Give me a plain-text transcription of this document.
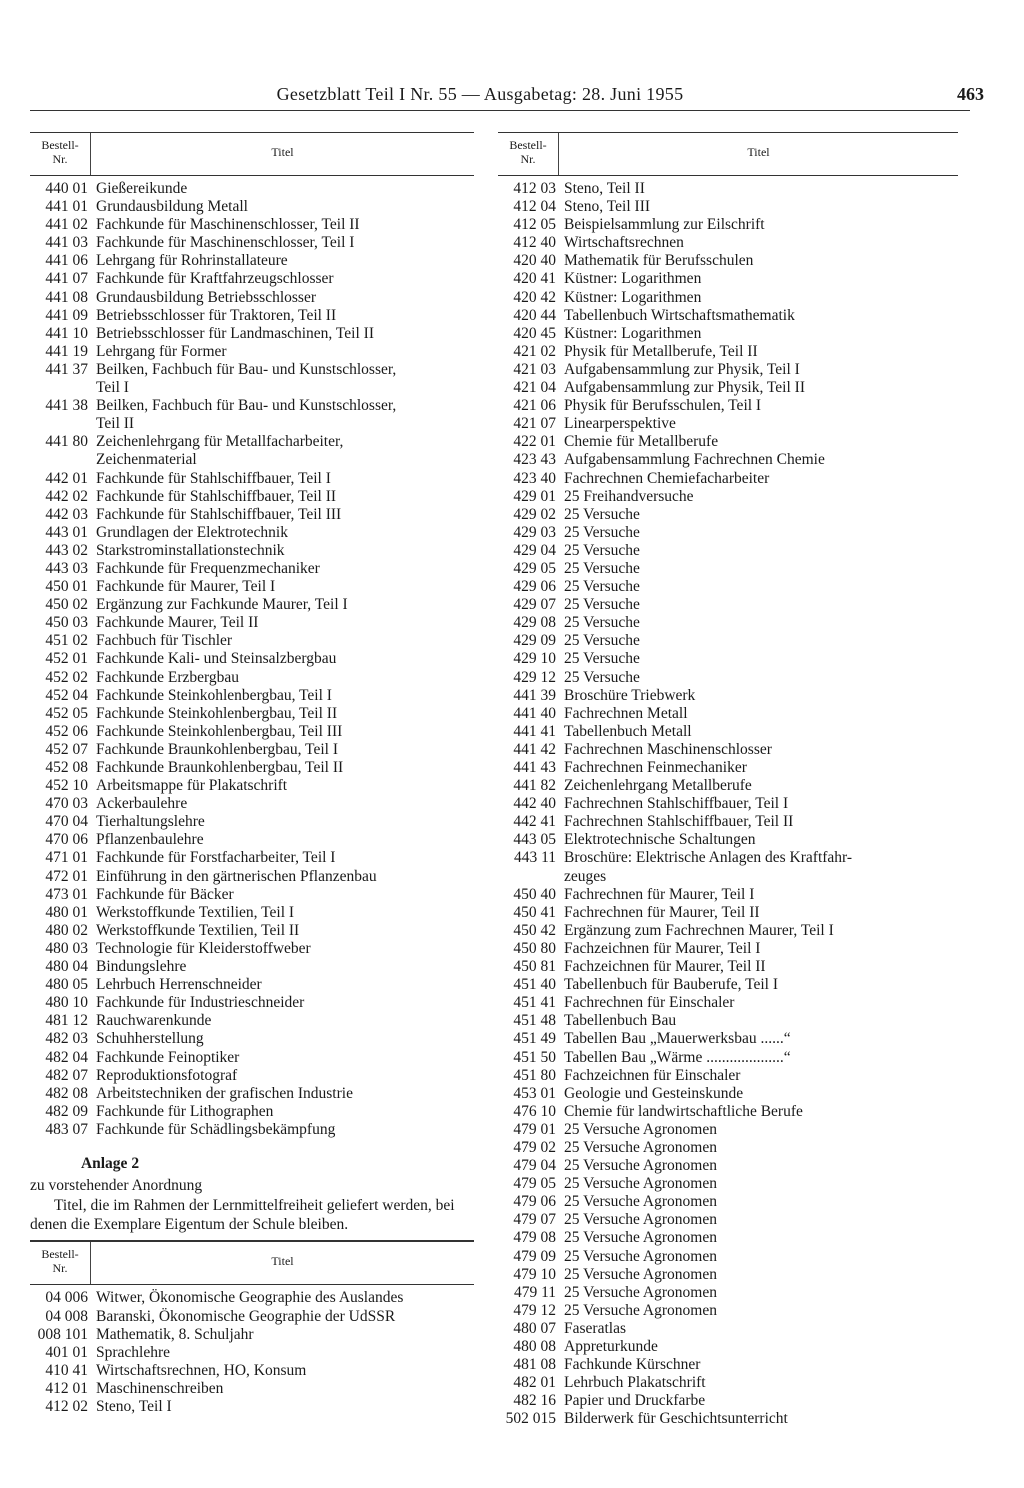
Gesetzblatt Teil I Nr. 55 — Ausgabetag: 28. Juni 1955	463
Bestell-
Nr.	Titel
440 01 Gießereikunde
441 01 Grundausbildung Metall
441 02 Fachkunde für Maschinenschlosser, Teil II
441 03 Fachkunde für Maschinenschlosser, Teil I
441 06 Lehrgang für Rohrinstallateure
441 07 Fachkunde für Kraftfahrzeugschlosser
441 08 Grundausbildung Betriebsschlosser
441 09 Betriebsschlosser für Traktoren, Teil II
441 10 Betriebsschlosser für Landmaschinen, Teil II
441 19 Lehrgang für Former
441 37 Beilken, Fachbuch für Bau- und Kunstschlosser,
Teil I
441 38 Beilken, Fachbuch für Bau- und Kunstschlosser,
Teil II
441 80 Zeichenlehrgang für Metallfacharbeiter,
Zeichenmaterial
442 01 Fachkunde für Stahlschiffbauer, Teil I
442 02 Fachkunde für Stahlschiffbauer, Teil II
442 03 Fachkunde für Stahlschiffbauer, Teil III
443 01 Grundlagen der Elektrotechnik
443 02 Starkstrominstallationstechnik
443 03 Fachkunde für Frequenzmechaniker
450 01 Fachkunde für Maurer, Teil I
450 02 Ergänzung zur Fachkunde Maurer, Teil I
450 03 Fachkunde Maurer, Teil II
451 02 Fachbuch für Tischler
452 01 Fachkunde Kali- und Steinsalzbergbau
452 02 Fachkunde Erzbergbau
452 04 Fachkunde Steinkohlenbergbau, Teil I
452 05 Fachkunde Steinkohlenbergbau, Teil II
452 06 Fachkunde Steinkohlenbergbau, Teil III
452 07 Fachkunde Braunkohlenbergbau, Teil I
452 08 Fachkunde Braunkohlenbergbau, Teil II
452 10 Arbeitsmappe für Plakatschrift
470 03 Ackerbaulehre
470 04 Tierhaltungslehre
470 06 Pflanzenbaulehre
471 01 Fachkunde für Forstfacharbeiter, Teil I
472 01 Einführung in den gärtnerischen Pflanzenbau
473 01 Fachkunde für Bäcker
480 01 Werkstoffkunde Textilien, Teil I
480 02 Werkstoffkunde Textilien, Teil II
480 03 Technologie für Kleiderstoffweber
480 04 Bindungslehre
480 05 Lehrbuch Herrenschneider
480 10 Fachkunde für Industrieschneider
481 12 Rauchwarenkunde
482 03 Schuhherstellung
482 04 Fachkunde Feinoptiker
482 07 Reproduktionsfotograf
482 08 Arbeitstechniken der grafischen Industrie
482 09 Fachkunde für Lithographen
483 07 Fachkunde für Schädlingsbekämpfung
Anlage 2
zu vorstehender Anordnung
Titel, die im Rahmen der Lernmittelfreiheit geliefert werden, bei denen die Exemplare Eigentum der Schule bleiben.
Bestell-
Nr.	Titel
04 006 Witwer, Ökonomische Geographie des Auslandes
04 008 Baranski, Ökonomische Geographie der UdSSR
008 101 Mathematik, 8. Schuljahr
401 01 Sprachlehre
410 41 Wirtschaftsrechnen, HO, Konsum
412 01 Maschinenschreiben
412 02 Steno, Teil I
Bestell-
Nr.	Titel
412 03 Steno, Teil II
412 04 Steno, Teil III
412 05 Beispielsammlung zur Eilschrift
412 40 Wirtschaftsrechnen
420 40 Mathematik für Berufsschulen
420 41 Küstner: Logarithmen
420 42 Küstner: Logarithmen
420 44 Tabellenbuch Wirtschaftsmathematik
420 45 Küstner: Logarithmen
421 02 Physik für Metallberufe, Teil II
421 03 Aufgabensammlung zur Physik, Teil I
421 04 Aufgabensammlung zur Physik, Teil II
421 06 Physik für Berufsschulen, Teil I
421 07 Linearperspektive
422 01 Chemie für Metallberufe
423 43 Aufgabensammlung Fachrechnen Chemie
423 40 Fachrechnen Chemiefacharbeiter
429 01 25 Freihandversuche
429 02 25 Versuche
429 03 25 Versuche
429 04 25 Versuche
429 05 25 Versuche
429 06 25 Versuche
429 07 25 Versuche
429 08 25 Versuche
429 09 25 Versuche
429 10 25 Versuche
429 12 25 Versuche
441 39 Broschüre Triebwerk
441 40 Fachrechnen Metall
441 41 Tabellenbuch Metall
441 42 Fachrechnen Maschinenschlosser
441 43 Fachrechnen Feinmechaniker
441 82 Zeichenlehrgang Metallberufe
442 40 Fachrechnen Stahlschiffbauer, Teil I
442 41 Fachrechnen Stahlschiffbauer, Teil II
443 05 Elektrotechnische Schaltungen
443 11 Broschüre: Elektrische Anlagen des Kraftfahr-
zeuges
450 40 Fachrechnen für Maurer, Teil I
450 41 Fachrechnen für Maurer, Teil II
450 42 Ergänzung zum Fachrechnen Maurer, Teil I
450 80 Fachzeichnen für Maurer, Teil I
450 81 Fachzeichnen für Maurer, Teil II
451 40 Tabellenbuch für Bauberufe, Teil I
451 41 Fachrechnen für Einschaler
451 48 Tabellenbuch Bau
451 49 Tabellen Bau „Mauerwerksbau ......“
451 50 Tabellen Bau „Wärme ....................“
451 80 Fachzeichnen für Einschaler
453 01 Geologie und Gesteinskunde
476 10 Chemie für landwirtschaftliche Berufe
479 01 25 Versuche Agronomen
479 02 25 Versuche Agronomen
479 04 25 Versuche Agronomen
479 05 25 Versuche Agronomen
479 06 25 Versuche Agronomen
479 07 25 Versuche Agronomen
479 08 25 Versuche Agronomen
479 09 25 Versuche Agronomen
479 10 25 Versuche Agronomen
479 11 25 Versuche Agronomen
479 12 25 Versuche Agronomen
480 07 Faseratlas
480 08 Appreturkunde
481 08 Fachkunde Kürschner
482 01 Lehrbuch Plakatschrift
482 16 Papier und Druckfarbe
502 015 Bilderwerk für Geschichtsunterricht
